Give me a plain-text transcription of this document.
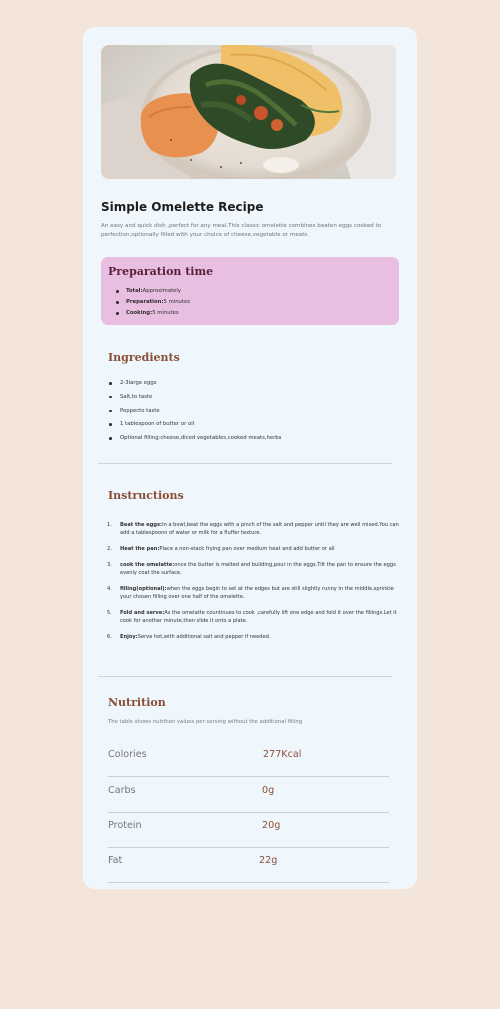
Simple Omelette Recipe

An easy and quick dish ,perfect for any meal.This classic omelette combines beaten eggs cooked to perfection,optionally filled with your choice of cheese,vegetable or meats.

Preparation time
Total:Approximately
Preparation:5 minutes
Cooking:5 minutes
Ingredients
2-3large eggs
Salt,to taste
Peppecto taste
1 tablespoon of butter or oil
Optional filling:cheese,diced vegetables,cooked meats,herbs
Instructions
1. Beat the eggs:In a bowl,beat the eggs with a pinch of the salt and pepper until they are well mixed.You can add a tablespoonn of water or milk for a fluffer texture.
2. Heat the pan:Place a non-stack frying pan over medium heat and add butter or all
3. cook the omelatte:once the butter is melted and building,pour in the eggs.Tilt the pan to ensure the eggs evenly coat the surface.
4. filling(optional):when the eggs begin to set at the edges but are still slightly runny in the middle,sprinkle your chosen filling over one half of the omelette.
5. Fold and serve:As the omelatte countinues to cook ,carefully lift one edge and fold it over the fillings.Let it cook for another minute,then slide it onto a plate.
6. Enjoy:Serve hot,with additional salt and pepper if needed.
Nutrition

The table shows nutrition values per serving without the additional filling

Colories	277Kcal
Carbs	0g
Protein	20g
Fat	22g
